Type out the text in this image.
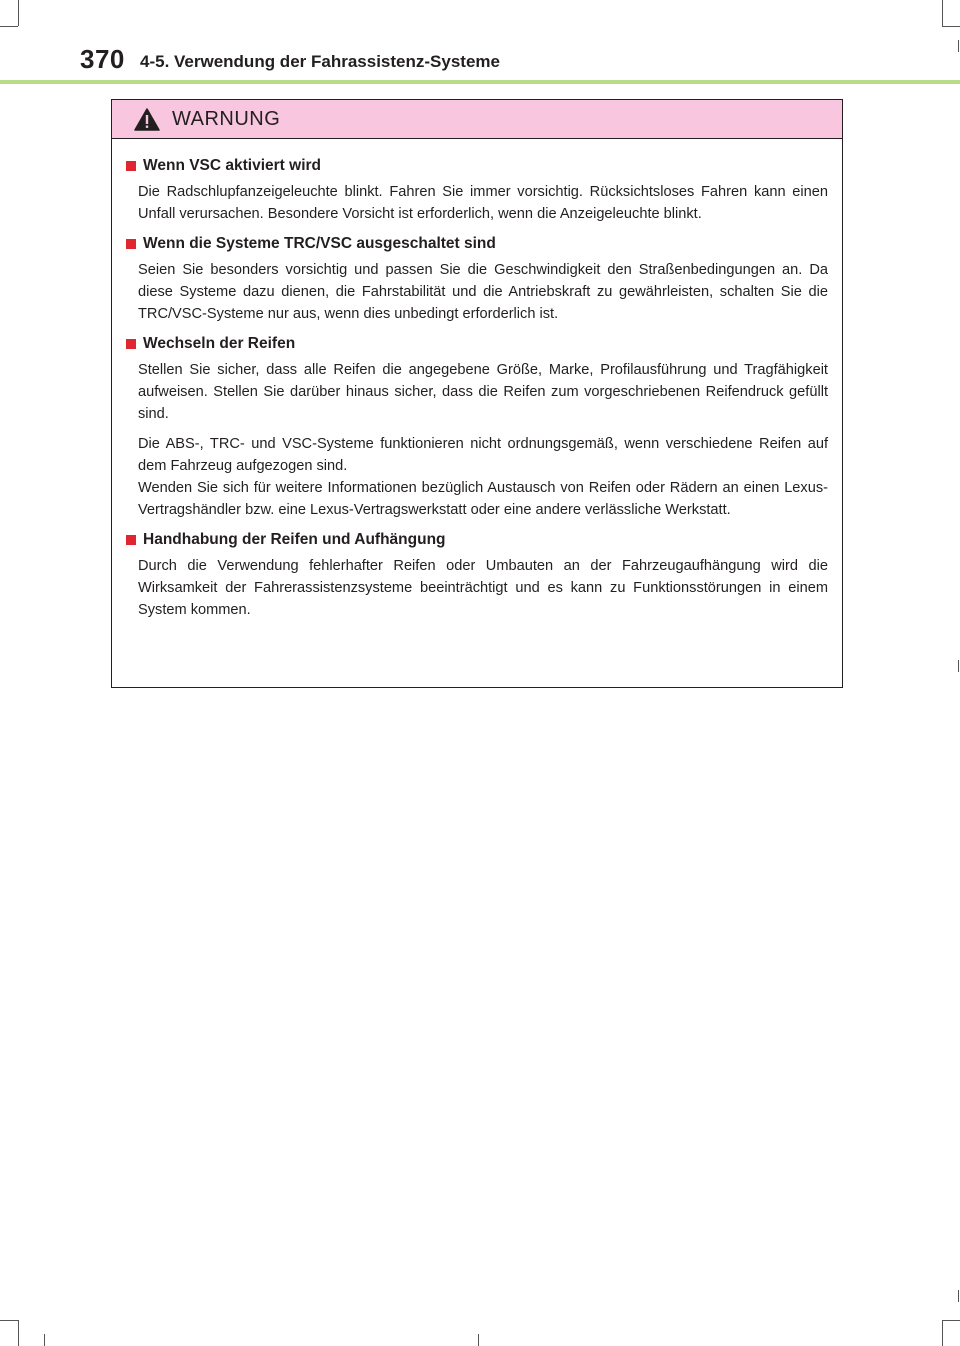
370 4-5. Verwendung der Fahrassistenz-Systeme
WARNUNG
Wenn VSC aktiviert wird

Die Radschlupfanzeigeleuchte blinkt. Fahren Sie immer vorsichtig. Rücksichtsloses Fahren kann einen Unfall verursachen. Besondere Vorsicht ist erforderlich, wenn die Anzeigeleuchte blinkt.

Wenn die Systeme TRC/VSC ausgeschaltet sind

Seien Sie besonders vorsichtig und passen Sie die Geschwindigkeit den Straßenbedingungen an. Da diese Systeme dazu dienen, die Fahrstabilität und die Antriebskraft zu gewährleisten, schalten Sie die TRC/VSC-Systeme nur aus, wenn dies unbedingt erforderlich ist.

Wechseln der Reifen

Stellen Sie sicher, dass alle Reifen die angegebene Größe, Marke, Profilausführung und Tragfähigkeit aufweisen. Stellen Sie darüber hinaus sicher, dass die Reifen zum vorgeschriebenen Reifendruck gefüllt sind.

Die ABS-, TRC- und VSC-Systeme funktionieren nicht ordnungsgemäß, wenn verschiedene Reifen auf dem Fahrzeug aufgezogen sind.

Wenden Sie sich für weitere Informationen bezüglich Austausch von Reifen oder Rädern an einen Lexus-Vertragshändler bzw. eine Lexus-Vertragswerkstatt oder eine andere verlässliche Werkstatt.

Handhabung der Reifen und Aufhängung

Durch die Verwendung fehlerhafter Reifen oder Umbauten an der Fahrzeugaufhängung wird die Wirksamkeit der Fahrerassistenzsysteme beeinträchtigt und es kann zu Funktionsstörungen in einem System kommen.
